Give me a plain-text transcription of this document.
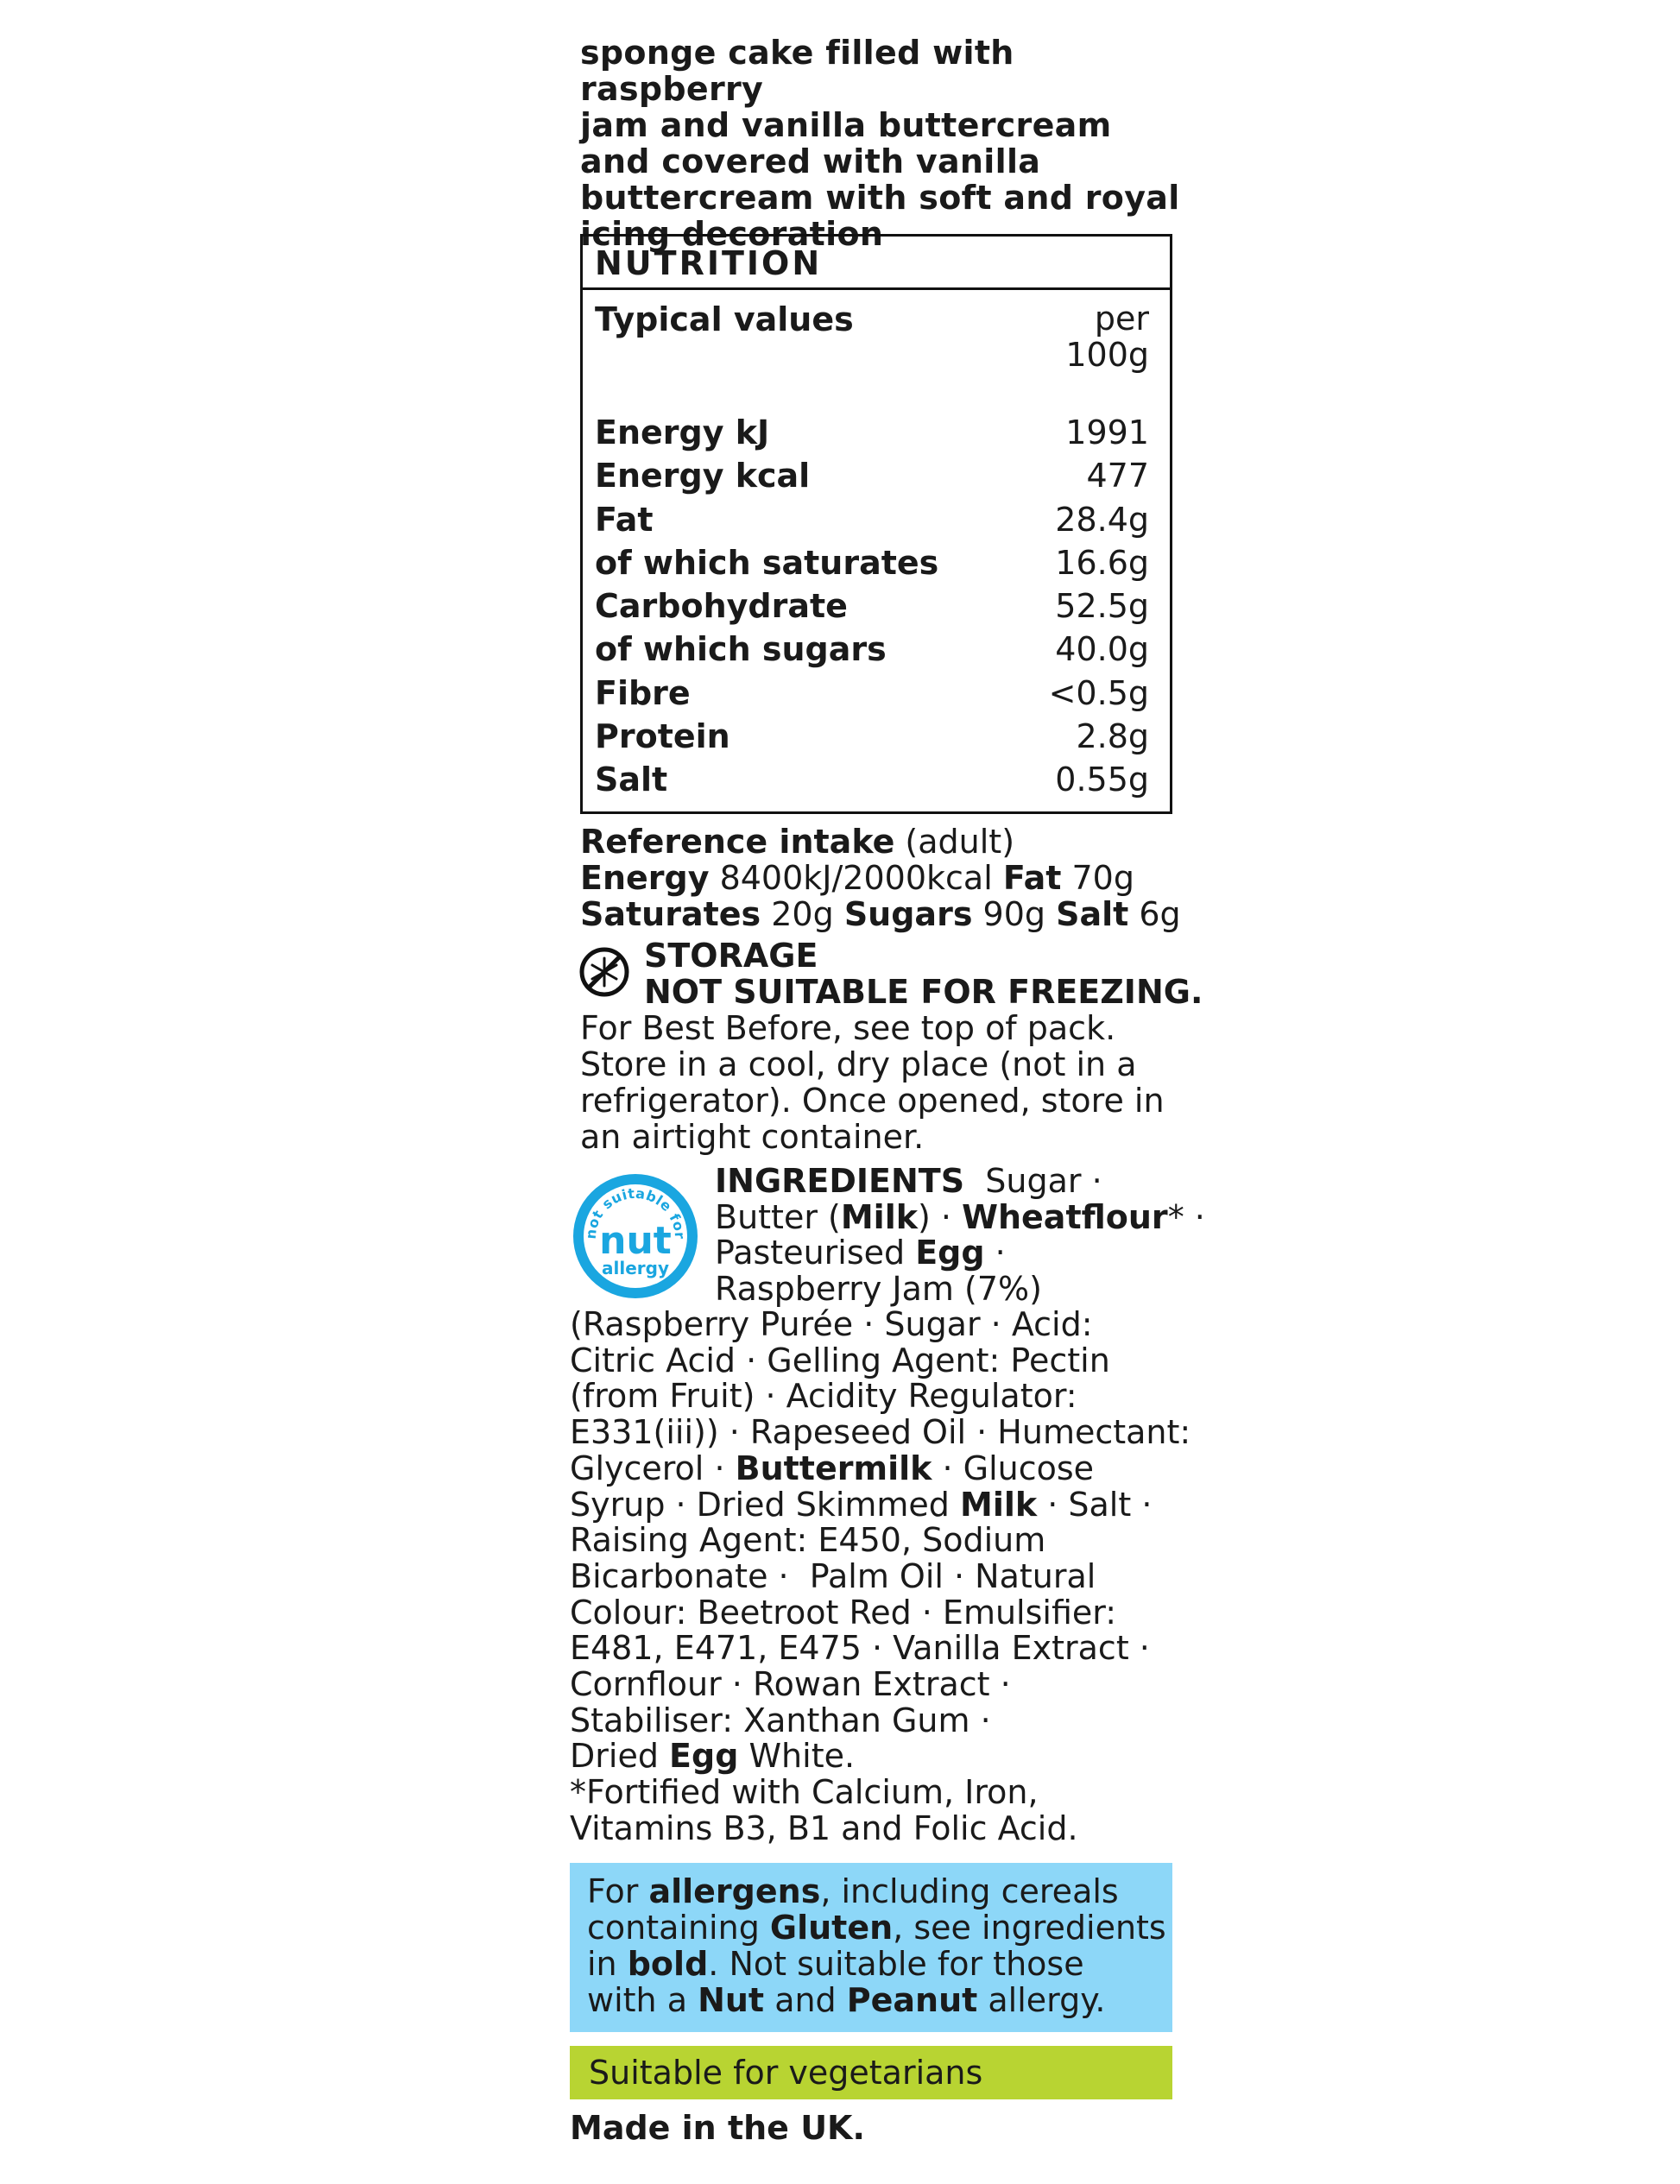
sponge cake filled with raspberry
jam and vanilla buttercream
and covered with vanilla
buttercream with soft and royal
icing decoration
NUTRITION
Typical values	per
100g
Energy kJ	1991
Energy kcal	477
Fat	28.4g
of which saturates	16.6g
Carbohydrate	52.5g
of which sugars	40.0g
Fibre	<0.5g
Protein	2.8g
Salt	0.55g
Reference intake (adult)
Energy 8400kJ/2000kcal Fat 70g
Saturates 20g Sugars 90g Salt 6g
STORAGE
NOT SUITABLE FOR FREEZING.
For Best Before, see top of pack.
Store in a cool, dry place (not in a
refrigerator). Once opened, store in
an airtight container.
not suitable for
nut
allergy
INGREDIENTS  Sugar ·
Butter (Milk) · Wheatflour* ·
Pasteurised Egg ·
Raspberry Jam (7%)
(Raspberry Purée · Sugar · Acid:
Citric Acid · Gelling Agent: Pectin
(from Fruit) · Acidity Regulator:
E331(iii)) · Rapeseed Oil · Humectant:
Glycerol · Buttermilk · Glucose
Syrup · Dried Skimmed Milk · Salt ·
Raising Agent: E450, Sodium
Bicarbonate ·  Palm Oil · Natural
Colour: Beetroot Red · Emulsifier:
E481, E471, E475 · Vanilla Extract ·
Cornflour · Rowan Extract ·
Stabiliser: Xanthan Gum ·
Dried Egg White.
*Fortified with Calcium, Iron,
Vitamins B3, B1 and Folic Acid.
For allergens, including cereals
containing Gluten, see ingredients
in bold. Not suitable for those
with a Nut and Peanut allergy.
Suitable for vegetarians
Made in the UK.
